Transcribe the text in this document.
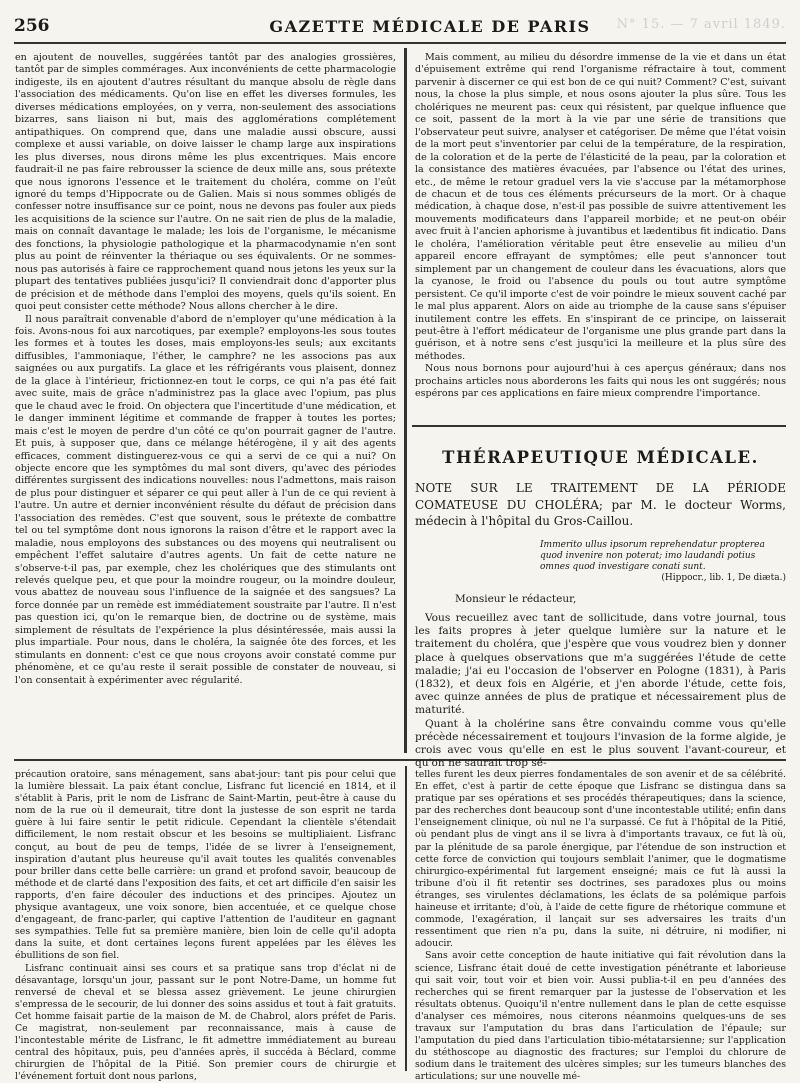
256	GAZETTE MÉDICALE DE PARIS	N° 15. — 7 avril 1849.

en ajoutent de nouvelles, suggérées tantôt par des analogies grossières, tantôt par de simples commérages. Aux inconvénients de cette pharmacologie indigeste, ils en ajoutent d'autres résultant du manque absolu de règle dans l'association des médicaments. Qu'on lise en effet les diverses formules, les diverses médications employées, on y verra, non-seulement des associations bizarres, sans liaison ni but, mais des agglomérations complétement antipathiques. On comprend que, dans une maladie aussi obscure, aussi complexe et aussi variable, on doive laisser le champ large aux inspirations les plus diverses, nous dirons même les plus excentriques. Mais encore faudrait-il ne pas faire rebrousser la science de deux mille ans, sous prétexte que nous ignorons l'essence et le traitement du choléra, comme on l'eût ignoré du temps d'Hippocrate ou de Galien. Mais si nous sommes obligés de confesser notre insuffisance sur ce point, nous ne devons pas fouler aux pieds les acquisitions de la science sur l'autre. On ne sait rien de plus de la maladie, mais on connaît davantage le malade; les lois de l'organisme, le mécanisme des fonctions, la physiologie pathologique et la pharmacodynamie n'en sont plus au point de réinventer la thériaque ou ses équivalents. Or ne sommes-nous pas autorisés à faire ce rapprochement quand nous jetons les yeux sur la plupart des tentatives publiées jusqu'ici? Il conviendrait donc d'apporter plus de précision et de méthode dans l'emploi des moyens, quels qu'ils soient. En quoi peut consister cette méthode? Nous allons chercher à le dire.

Il nous paraîtrait convenable d'abord de n'employer qu'une médication à la fois. Avons-nous foi aux narcotiques, par exemple? employons-les sous toutes les formes et à toutes les doses, mais employons-les seuls; aux excitants diffusibles, l'ammoniaque, l'éther, le camphre? ne les associons pas aux saignées ou aux purgatifs. La glace et les réfrigérants vous plaisent, donnez de la glace à l'intérieur, frictionnez-en tout le corps, ce qui n'a pas été fait avec suite, mais de grâce n'administrez pas la glace avec l'opium, pas plus que le chaud avec le froid. On objectera que l'incertitude d'une médication, et le danger imminent légitime et commande de frapper à toutes les portes; mais c'est le moyen de perdre d'un côté ce qu'on pourrait gagner de l'autre. Et puis, à supposer que, dans ce mélange hétérogène, il y ait des agents efficaces, comment distinguerez-vous ce qui a servi de ce qui a nui? On objecte encore que les symptômes du mal sont divers, qu'avec des périodes différentes surgissent des indications nouvelles: nous l'admettons, mais raison de plus pour distinguer et séparer ce qui peut aller à l'un de ce qui revient à l'autre. Un autre et dernier inconvénient résulte du défaut de précision dans l'association des remèdes. C'est que souvent, sous le prétexte de combattre tel ou tel symptôme dont nous ignorons la raison d'être et le rapport avec la maladie, nous employons des substances ou des moyens qui neutralisent ou empêchent l'effet salutaire d'autres agents. Un fait de cette nature ne s'observe-t-il pas, par exemple, chez les cholériques que des stimulants ont relevés quelque peu, et que pour la moindre rougeur, ou la moindre douleur, vous abattez de nouveau sous l'influence de la saignée et des sangsues? La force donnée par un remède est immédiatement soustraite par l'autre. Il n'est pas question ici, qu'on le remarque bien, de doctrine ou de système, mais simplement de résultats de l'expérience la plus désintéressée, mais aussi la plus impartiale. Pour nous, dans le choléra, la saignée ôte des forces, et les stimulants en donnent: c'est ce que nous croyons avoir constaté comme pur phénomène, et ce qu'au reste il serait possible de constater de nouveau, si l'on consentait à expérimenter avec régularité.

Mais comment, au milieu du désordre immense de la vie et dans un état d'épuisement extrême qui rend l'organisme réfractaire à tout, comment parvenir à discerner ce qui est bon de ce qui nuit? Comment? C'est, suivant nous, la chose la plus simple, et nous osons ajouter la plus sûre. Tous les cholériques ne meurent pas: ceux qui résistent, par quelque influence que ce soit, passent de la mort à la vie par une série de transitions que l'observateur peut suivre, analyser et catégoriser. De même que l'état voisin de la mort peut s'inventorier par celui de la température, de la respiration, de la coloration et de la perte de l'élasticité de la peau, par la coloration et la consistance des matières évacuées, par l'absence ou l'état des urines, etc., de même le retour graduel vers la vie s'accuse par la métamorphose de chacun et de tous ces éléments précurseurs de la mort. Or à chaque médication, à chaque dose, n'est-il pas possible de suivre attentivement les mouvements modificateurs dans l'appareil morbide; et ne peut-on obéir avec fruit à l'ancien aphorisme à juvantibus et lædentibus fit indicatio. Dans le choléra, l'amélioration véritable peut être ensevelie au milieu d'un appareil encore effrayant de symptômes; elle peut s'annoncer tout simplement par un changement de couleur dans les évacuations, alors que la cyanose, le froid ou l'absence du pouls ou tout autre symptôme persistent. Ce qu'il importe c'est de voir poindre le mieux souvent caché par le mal plus apparent. Alors on aide au triomphe de la cause sans s'épuiser inutilement contre les effets. En s'inspirant de ce principe, on laisserait peut-être à l'effort médicateur de l'organisme une plus grande part dans la guérison, et à notre sens c'est jusqu'ici la meilleure et la plus sûre des méthodes.

Nous nous bornons pour aujourd'hui à ces aperçus généraux; dans nos prochains articles nous aborderons les faits qui nous les ont suggérés; nous espérons par ces applications en faire mieux comprendre l'importance.

THÉRAPEUTIQUE MÉDICALE.
NOTE SUR LE TRAITEMENT DE LA PÉRIODE COMATEUSE DU CHOLÉRA; par M. le docteur Worms, médecin à l'hôpital du Gros-Caillou.
Immerito ullus ipsorum reprehendatur propterea quod invenire non poterat; imo laudandi potius omnes quod investigare conati sunt.
(Hippocr., lib. 1, De diæta.)
Monsieur le rédacteur,

Vous recueillez avec tant de sollicitude, dans votre journal, tous les faits propres à jeter quelque lumière sur la nature et le traitement du choléra, que j'espère que vous voudrez bien y donner place à quelques observations que m'a suggérées l'étude de cette maladie; j'ai eu l'occasion de l'observer en Pologne (1831), à Paris (1832), et deux fois en Algérie, et j'en aborde l'étude, cette fois, avec quinze années de plus de pratique et nécessairement plus de maturité.

Quant à la cholérine sans être convaindu comme vous qu'elle précède nécessairement et toujours l'invasion de la forme algide, je crois avec vous qu'elle en est le plus souvent l'avant-coureur, et qu'on ne saurait trop sé-

précaution oratoire, sans ménagement, sans abat-jour: tant pis pour celui que la lumière blessait. La paix étant conclue, Lisfranc fut licencié en 1814, et il s'établit à Paris, prit le nom de Lisfranc de Saint-Martin, peut-être à cause du nom de la rue où il demeurait, titre dont la justesse de son esprit ne tarda guère à lui faire sentir le petit ridicule. Cependant la clientèle s'étendait difficilement, le nom restait obscur et les besoins se multipliaient. Lisfranc conçut, au bout de peu de temps, l'idée de se livrer à l'enseignement, inspiration d'autant plus heureuse qu'il avait toutes les qualités convenables pour briller dans cette belle carrière: un grand et profond savoir, beaucoup de méthode et de clarté dans l'exposition des faits, et cet art difficile d'en saisir les rapports, d'en faire découler des inductions et des principes. Ajoutez un physique avantageux, une voix sonore, bien accentuée, et ce quelque chose d'engageant, de franc-parler, qui captive l'attention de l'auditeur en gagnant ses sympathies. Telle fut sa première manière, bien loin de celle qu'il adopta dans la suite, et dont certaines leçons furent appelées par les élèves les ébullitions de son fiel.

Lisfranc continuait ainsi ses cours et sa pratique sans trop d'éclat ni de désavantage, lorsqu'un jour, passant sur le pont Notre-Dame, un homme fut renversé de cheval et se blessa assez grièvement. Le jeune chirurgien s'empressa de le secourir, de lui donner des soins assidus et tout à fait gratuits. Cet homme faisait partie de la maison de M. de Chabrol, alors préfet de Paris. Ce magistrat, non-seulement par reconnaissance, mais à cause de l'incontestable mérite de Lisfranc, le fit admettre immédiatement au bureau central des hôpitaux, puis, peu d'années après, il succéda à Béclard, comme chirurgien de l'hôpital de la Pitié. Son premier cours de chirurgie et l'événement fortuit dont nous parlons,

telles furent les deux pierres fondamentales de son avenir et de sa célébrité. En effet, c'est à partir de cette époque que Lisfranc se distingua dans sa pratique par ses opérations et ses procédés thérapeutiques; dans la science, par des recherches dont beaucoup sont d'une incontestable utilité; enfin dans l'enseignement clinique, où nul ne l'a surpassé. Ce fut à l'hôpital de la Pitié, où pendant plus de vingt ans il se livra à d'importants travaux, ce fut là où, par la plénitude de sa parole énergique, par l'étendue de son instruction et cette force de conviction qui toujours semblait l'animer, que le dogmatisme chirurgico-expérimental fut largement enseigné; mais ce fut là aussi la tribune d'où il fit retentir ses doctrines, ses paradoxes plus ou moins étranges, ses virulentes déclamations, les éclats de sa polémique parfois haineuse et irritante; d'où, à l'aide de cette figure de rhétorique commune et commode, l'exagération, il lançait sur ses adversaires les traits d'un ressentiment que rien n'a pu, dans la suite, ni détruire, ni modifier, ni adoucir.

Sans avoir cette conception de haute initiative qui fait révolution dans la science, Lisfranc était doué de cette investigation pénétrante et laborieuse qui sait voir, tout voir et bien voir. Aussi publia-t-il en peu d'années des recherches qui se firent remarquer par la justesse de l'observation et les résultats obtenus. Quoiqu'il n'entre nullement dans le plan de cette esquisse d'analyser ces mémoires, nous citerons néanmoins quelques-uns de ses travaux sur l'amputation du bras dans l'articulation de l'épaule; sur l'amputation du pied dans l'articulation tibio-métatarsienne; sur l'application du stéthoscope au diagnostic des fractures; sur l'emploi du chlorure de sodium dans le traitement des ulcères simples; sur les tumeurs blanches des articulations; sur une nouvelle mé-
